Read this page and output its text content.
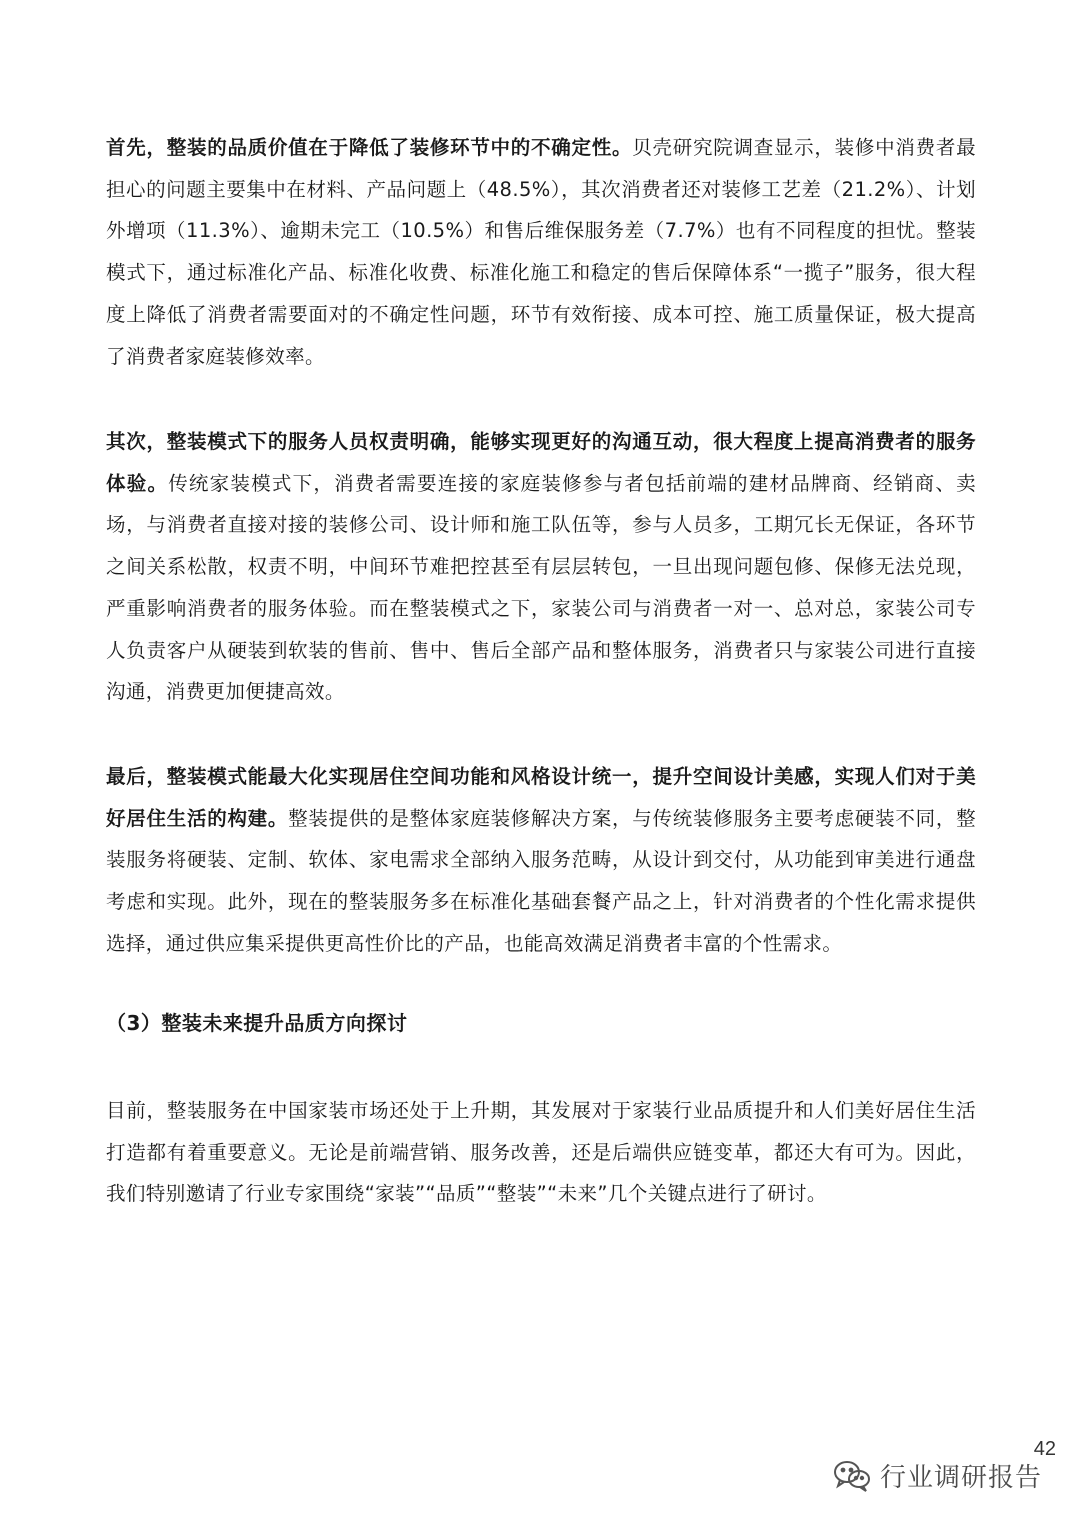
首先，整装的品质价值在于降低了装修环节中的不确定性。贝壳研究院调查显示，装修中消费者最担心的问题主要集中在材料、产品问题上（48.5%），其次消费者还对装修工艺差（21.2%）、计划外增项（11.3%）、逾期未完工（10.5%）和售后维保服务差（7.7%）也有不同程度的担忧。整装模式下，通过标准化产品、标准化收费、标准化施工和稳定的售后保障体系“一揽子”服务，很大程度上降低了消费者需要面对的不确定性问题，环节有效衔接、成本可控、施工质量保证，极大提高了消费者家庭装修效率。

其次，整装模式下的服务人员权责明确，能够实现更好的沟通互动，很大程度上提高消费者的服务体验。传统家装模式下，消费者需要连接的家庭装修参与者包括前端的建材品牌商、经销商、卖场，与消费者直接对接的装修公司、设计师和施工队伍等，参与人员多，工期冗长无保证，各环节之间关系松散，权责不明，中间环节难把控甚至有层层转包，一旦出现问题包修、保修无法兑现，严重影响消费者的服务体验。而在整装模式之下，家装公司与消费者一对一、总对总，家装公司专人负责客户从硬装到软装的售前、售中、售后全部产品和整体服务，消费者只与家装公司进行直接沟通，消费更加便捷高效。

最后，整装模式能最大化实现居住空间功能和风格设计统一，提升空间设计美感，实现人们对于美好居住生活的构建。整装提供的是整体家庭装修解决方案，与传统装修服务主要考虑硬装不同，整装服务将硬装、定制、软体、家电需求全部纳入服务范畴，从设计到交付，从功能到审美进行通盘考虑和实现。此外，现在的整装服务多在标准化基础套餐产品之上，针对消费者的个性化需求提供选择，通过供应集采提供更高性价比的产品，也能高效满足消费者丰富的个性需求。

（3）整装未来提升品质方向探讨

目前，整装服务在中国家装市场还处于上升期，其发展对于家装行业品质提升和人们美好居住生活打造都有着重要意义。无论是前端营销、服务改善，还是后端供应链变革，都还大有可为。因此，我们特别邀请了行业专家围绕“家装”“品质”“整装”“未来”几个关键点进行了研讨。

42
行业调研报告
